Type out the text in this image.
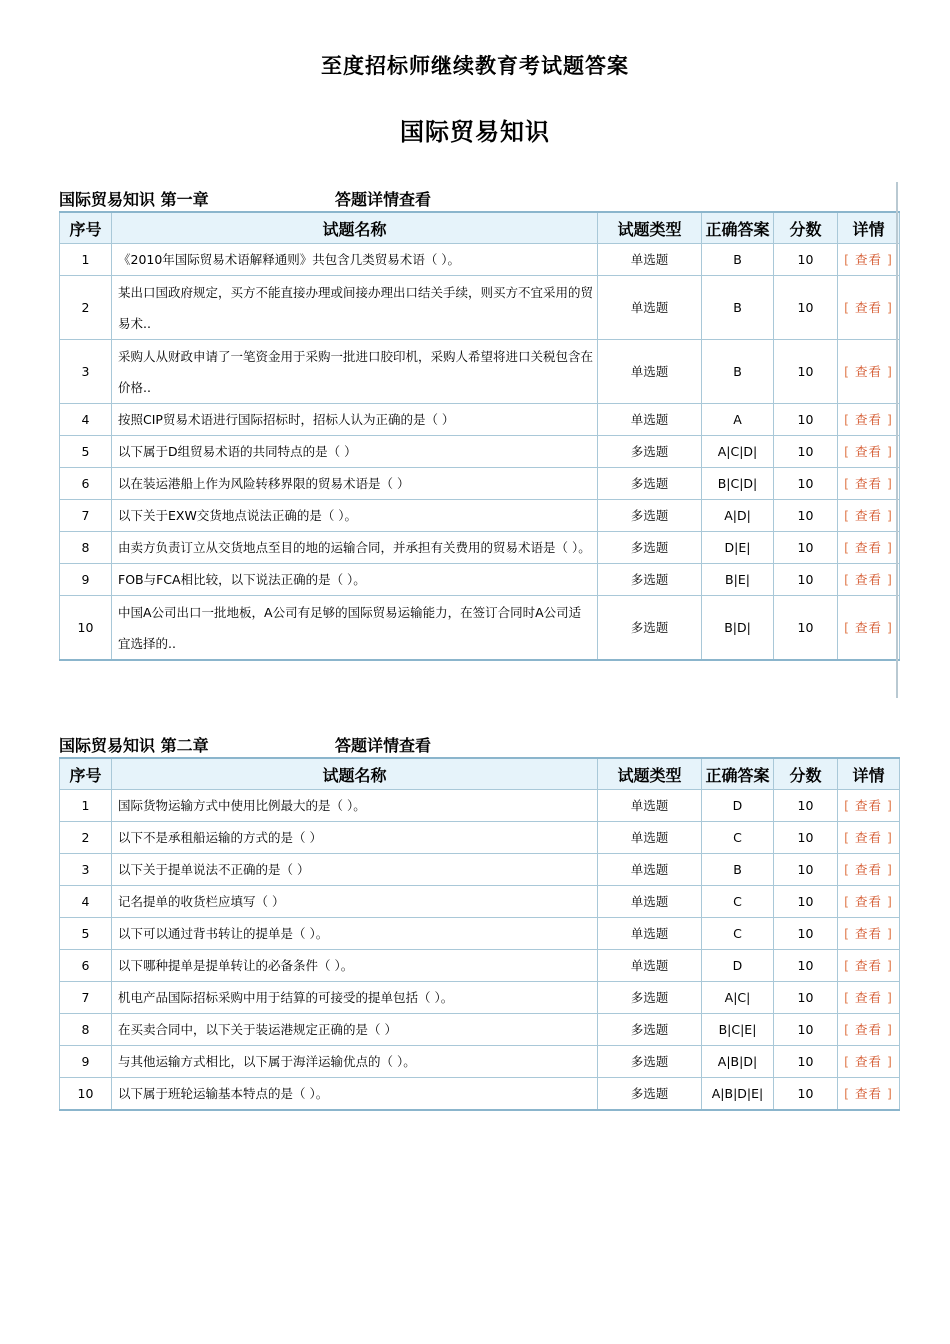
至度招标师继续教育考试题答案
国际贸易知识
国际贸易知识 第一章	答题详情查看
序号	试题名称	试题类型	正确答案	分数	详情
1	《2010年国际贸易术语解释通则》共包含几类贸易术语（ ）。	单选题	B	10	[ 查看 ]
2	某出口国政府规定，买方不能直接办理或间接办理出口结关手续，则买方不宜采用的贸易术..	单选题	B	10	[ 查看 ]
3	采购人从财政申请了一笔资金用于采购一批进口胶印机，采购人希望将进口关税包含在价格..	单选题	B	10	[ 查看 ]
4	按照CIP贸易术语进行国际招标时，招标人认为正确的是（ ）	单选题	A	10	[ 查看 ]
5	以下属于D组贸易术语的共同特点的是（ ）	多选题	A|C|D|	10	[ 查看 ]
6	以在装运港船上作为风险转移界限的贸易术语是（ ）	多选题	B|C|D|	10	[ 查看 ]
7	以下关于EXW交货地点说法正确的是（ ）。	多选题	A|D|	10	[ 查看 ]
8	由卖方负责订立从交货地点至目的地的运输合同，并承担有关费用的贸易术语是（ ）。	多选题	D|E|	10	[ 查看 ]
9	FOB与FCA相比较，以下说法正确的是（ ）。	多选题	B|E|	10	[ 查看 ]
10	中国A公司出口一批地板，A公司有足够的国际贸易运输能力，在签订合同时A公司适宜选择的..	多选题	B|D|	10	[ 查看 ]
国际贸易知识 第二章	答题详情查看
序号	试题名称	试题类型	正确答案	分数	详情
1	国际货物运输方式中使用比例最大的是（ ）。	单选题	D	10	[ 查看 ]
2	以下不是承租船运输的方式的是（ ）	单选题	C	10	[ 查看 ]
3	以下关于提单说法不正确的是（ ）	单选题	B	10	[ 查看 ]
4	记名提单的收货栏应填写（ ）	单选题	C	10	[ 查看 ]
5	以下可以通过背书转让的提单是（ ）。	单选题	C	10	[ 查看 ]
6	以下哪种提单是提单转让的必备条件（ ）。	单选题	D	10	[ 查看 ]
7	机电产品国际招标采购中用于结算的可接受的提单包括（ ）。	多选题	A|C|	10	[ 查看 ]
8	在买卖合同中，以下关于装运港规定正确的是（ ）	多选题	B|C|E|	10	[ 查看 ]
9	与其他运输方式相比，以下属于海洋运输优点的（ ）。	多选题	A|B|D|	10	[ 查看 ]
10	以下属于班轮运输基本特点的是（ ）。	多选题	A|B|D|E|	10	[ 查看 ]
